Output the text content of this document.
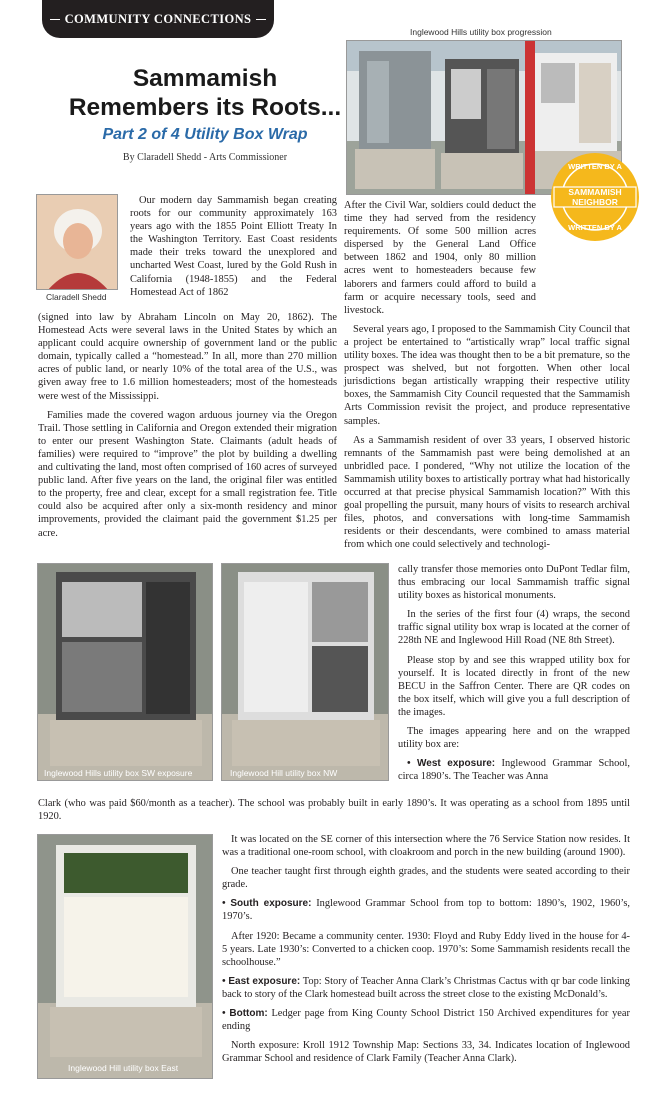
COMMUNITY CONNECTIONS
Sammamish
Remembers its Roots...
Part 2 of 4 Utility Box Wrap
By Claradell Shedd - Arts Commissioner
Inglewood Hills utility box progression
WRITTEN BY A
SAMMAMISH
NEIGHBOR
WRITTEN BY A
Claradell Shedd

Our modern day Sammamish began creating roots for our community approximately 163 years ago with the 1855 Point Elliott Treaty In the Washington Territory. East Coast residents made their treks toward the unexplored and uncharted West Coast, lured by the Gold Rush in California (1948-1855) and the Federal Homestead Act of 1862

(signed into law by Abraham Lincoln on May 20, 1862). The Homestead Acts were several laws in the United States by which an applicant could acquire ownership of government land or the public domain, typically called a “homestead.” In all, more than 270 million acres of public land, or nearly 10% of the total area of the U.S., was given away free to 1.6 million homesteaders; most of the homesteads were west of the Mississippi.

Families made the covered wagon arduous journey via the Oregon Trail. Those settling in California and Oregon extended their migration to enter our present Washington State. Claimants (adult heads of families) were required to “improve” the plot by building a dwelling and cultivating the land, most often comprised of 160 acres of surveyed public land. After five years on the land, the original filer was entitled to the property, free and clear, except for a small registration fee. Title could also be acquired after only a six-month residency and minor improvements, provided the claimant paid the government $1.25 per acre.

After the Civil War, soldiers could deduct the time they had served from the residency requirements. Of some 500 million acres dispersed by the General Land Office between 1862 and 1904, only 80 million acres went to homesteaders because few laborers and farmers could afford to build a farm or acquire necessary tools, seed and livestock.

Several years ago, I proposed to the Sammamish City Council that a project be entertained to “artistically wrap” local traffic signal utility boxes. The idea was thought then to be a bit premature, so the prospect was shelved, but not forgotten. When other local jurisdictions began artistically wrapping their respective utility boxes, the Sammamish City Council requested that the Sammamish Arts Commission revisit the project, and produce representative samples.

As a Sammamish resident of over 33 years, I observed historic remnants of the Sammamish past were being demolished at an unbridled pace. I pondered, “Why not utilize the location of the Sammamish utility boxes to artistically portray what had historically occurred at that precise physical Sammamish location?” With this goal propelling the pursuit, many hours of visits to research archival files, photos, and conversations with long-time Sammamish residents or their descendants, were combined to amass material from which one could selectively and technologi-

Inglewood Hills utility box SW exposure	Inglewood Hill utility box NW

cally transfer those memories onto DuPont Tedlar film, thus embracing our local Sammamish traffic signal utility boxes as historical monuments.

In the series of the first four (4) wraps, the second traffic signal utility box wrap is located at the corner of 228th NE and Inglewood Hill Road (NE 8th Street).

Please stop by and see this wrapped utility box for yourself. It is located directly in front of the new BECU in the Saffron Center. There are QR codes on the box itself, which will give you a full description of the images.

The images appearing here and on the wrapped utility box are:

• West exposure: Inglewood Grammar School, circa 1890’s. The Teacher was Anna

Clark (who was paid $60/month as a teacher). The school was probably built in early 1890’s. It was operating as a school from 1895 until 1920.
Inglewood Hill utility box East

It was located on the SE corner of this intersection where the 76 Service Station now resides. It was a traditional one-room school, with cloakroom and porch in the new building (around 1900).

One teacher taught first through eighth grades, and the students were seated according to their grade.

• South exposure: Inglewood Grammar School from top to bottom: 1890’s, 1902, 1960’s, 1970’s.

After 1920: Became a community center. 1930: Floyd and Ruby Eddy lived in the house for 4-5 years. Late 1930’s: Converted to a chicken coop. 1970’s: Some Sammamish residents recall the schoolhouse.”

• East exposure: Top: Story of Teacher Anna Clark’s Christmas Cactus with qr bar code linking back to story of the Clark homestead built across the street close to the existing McDonald’s.

• Bottom: Ledger page from King County School District 150 Archived expenditures for year ending

North exposure: Kroll 1912 Township Map: Sections 33, 34. Indicates location of Inglewood Grammar School and residence of Clark Family (Teacher Anna Clark).
